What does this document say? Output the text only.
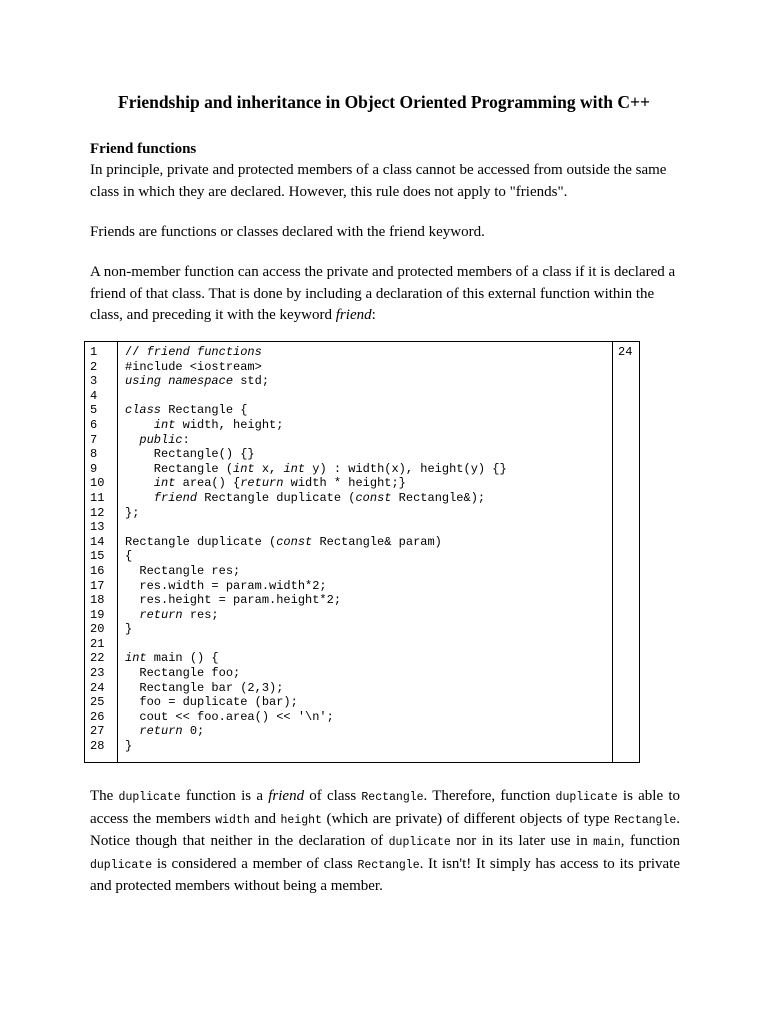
Friendship and inheritance in Object Oriented Programming with C++
Friend functions

In principle, private and protected members of a class cannot be accessed from outside the same class in which they are declared. However, this rule does not apply to "friends".

Friends are functions or classes declared with the friend keyword.

A non-member function can access the private and protected members of a class if it is declared a friend of that class. That is done by including a declaration of this external function within the class, and preceding it with the keyword friend:

1
2
3
4
5
6
7
8
9
10
11
12
13
14
15
16
17
18
19
20
21
22
23
24
25
26
27
28
// friend functions
#include <iostream>
using namespace std;
class Rectangle {
int width, height;
public:
Rectangle() {}
Rectangle (int x, int y) : width(x), height(y) {}
int area() {return width * height;}
friend Rectangle duplicate (const Rectangle&);
};
Rectangle duplicate (const Rectangle& param)
{
Rectangle res;
res.width = param.width*2;
res.height = param.height*2;
return res;
}
int main () {
Rectangle foo;
Rectangle bar (2,3);
foo = duplicate (bar);
cout << foo.area() << '\n';
return 0;
}
24

The duplicate function is a friend of class Rectangle. Therefore, function duplicate is able to access the members width and height (which are private) of different objects of type Rectangle. Notice though that neither in the declaration of duplicate nor in its later use in main, function duplicate is considered a member of class Rectangle. It isn't! It simply has access to its private and protected members without being a member.
